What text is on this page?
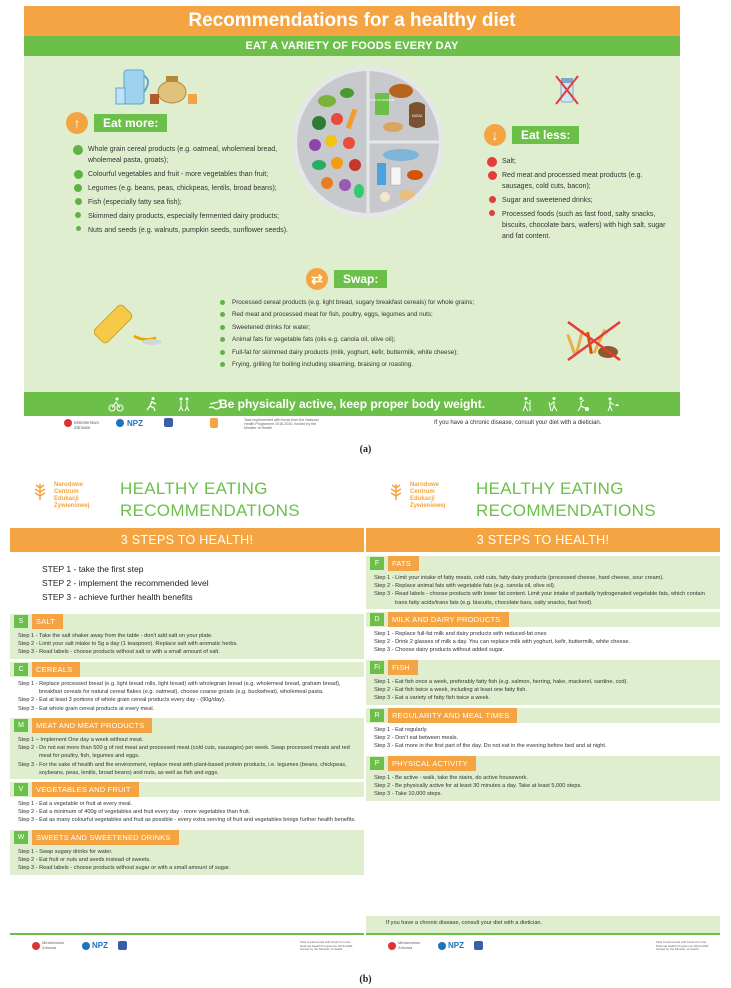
Recommendations for a healthy diet
EAT A VARIETY OF FOODS EVERY DAY
↑	Eat more:
Whole grain cereal products (e.g. oatmeal, wholemeal bread, wholemeal pasta, groats);
Colourful vegetables and fruit - more vegetables than fruit;
Legumes (e.g. beans, peas, chickpeas, lentils, broad beans);
Fish (especially fatty sea fish);
Skimmed dairy products, especially fermented dairy products;
Nuts and seeds (e.g. walnuts, pumpkin seeds, sunflower seeds).
PLATKI OWSIANE
KASZA
↓	Eat less:
Salt;
Red meat and processed meat products (e.g. sausages, cold cuts, bacon);
Sugar and sweetened drinks;
Processed foods (such as fast food, salty snacks, biscuits, chocolate bars, wafers) with high salt, sugar and fat content.
⇄	Swap:
Processed cereal products (e.g. light bread, sugary breakfast cereals) for whole grains;
Red meat and processed meat for fish, poultry, eggs, legumes and nuts;
Sweetened drinks for water;
Animal fats for vegetable fats (oils e.g. canola oil, olive oil);
Full-fat for skimmed dairy products (milk, yoghurt, kefir, buttermilk, white cheese);
Frying, grilling for boiling including steaming, braising or roasting.
Be physically active, keep proper body weight.
Ministerstwo Zdrowia	NPZ	Task implemented with funds from the National Health Programme 2016-2020, funded by the Minister of Health.
If you have a chronic disease, consult your diet with a dietician.
(a)
Narodowe
Centrum
Edukacji
Żywieniowej
HEALTHY EATING
RECOMMENDATIONS
3 STEPS TO HEALTH!
STEP 1 - take the first step
STEP 2 - implement the recommended level
STEP 3 - achieve further health benefits
S	SALT

Step 1 - Take the salt shaker away from the table - don't add salt on your plate.

Step 2 - Limit your salt intake to 5g a day (1 teaspoon). Replace salt with aromatic herbs.

Step 3 - Read labels - choose products without salt or with a small amount of salt.

C	CEREALS

Step 1 - Replace processed bread (e.g. light bread rolls, light bread) with wholegrain bread (e.g. wholemeal bread, graham bread), breakfast cereals for natural cereal flakes (e.g. oatmeal), choose coarse groats (e.g. buckwheat), wholemeal pasta.

Step 2 - Eat at least 3 portions of whole grain cereal products every day - (90g/day).

Step 3 - Eat whole grain cereal products at every meal.

M	MEAT AND MEAT PRODUCTS

Step 1 – Implement One day a week without meat.

Step 2 - Do not eat more than 500 g of red meat and processed meat (cold cuts, sausages) per week. Swap processed meats and red meat for poultry, fish, legumes and eggs.

Step 3 - For the sake of health and the environment, replace meat with plant-based protein products, i.e. legumes (beans, chickpeas, soybeans, peas, lentils, broad beans) and nuts, as well as fish and eggs.

V	VEGETABLES AND FRUIT

Step 1 - Eat a vegetable or fruit at every meal.

Step 2 - Eat a minimum of 400g of vegetables and fruit every day - more vegetables than fruit.

Step 3 - Eat as many colourful vegetables and fruit as possible - every extra serving of fruit and vegetables brings further health benefits.

W	SWEETS AND SWEETENED DRINKS

Step 1 - Swap sugary drinks for water.

Step 2 - Eat fruit or nuts and seeds instead of sweets.

Step 3 - Read labels - choose products without sugar or with a small amount of sugar.

Ministerstwo Zdrowia	NPZ	Task implemented with funds from the National Health Programme 2016-2020, funded by the Minister of Health.
Narodowe
Centrum
Edukacji
Żywieniowej
HEALTHY EATING
RECOMMENDATIONS
3 STEPS TO HEALTH!
F	FATS

Step 1 - Limit your intake of fatty meats, cold cuts, fatty dairy products (processed cheese, hard cheese, sour cream).

Step 2 - Replace animal fats with vegetable fats (e.g. canola oil, olive oil).

Step 3 - Read labels - choose products with lower fat content. Limit your intake of partially hydrogenated vegetable fats, which contain trans fatty acids/trans fats (e.g. biscuits, chocolate bars, salty snacks, fast food).

D	MILK AND DAIRY PRODUCTS

Step 1 - Replace full-fat milk and dairy products with reduced-fat ones

Step 2 - Drink 2 glasses of milk a day. You can replace milk with yoghurt, kefir, buttermilk, white cheese.

Step 3 - Choose dairy products without added sugar.

Fi	FISH

Step 1 - Eat fish once a week, preferably fatty fish (e.g. salmon, herring, hake, mackerel, sardine, cod).

Step 2 - Eat fish twice a week, including at least one fatty fish.

Step 3 - Eat a variety of fatty fish twice a week.

R	REGULARITY AND MEAL TIMES

Step 1 - Eat regularly.

Step 2 - Don't eat between meals.

Step 3 - Eat more in the first part of the day. Do not eat in the evening before bed and at night.

P	PHYSICAL ACTIVITY

Step 1 - Be active - walk, take the stairs, do active housework.

Step 2 - Be physically active for at least 30 minutes a day. Take at least 5,000 steps.

Step 3 - Take 10,000 steps.

If you have a chronic disease, consult your diet with a dietician.
Ministerstwo Zdrowia	NPZ	Task implemented with funds from the National Health Programme 2016-2020, funded by the Minister of Health.
(b)
